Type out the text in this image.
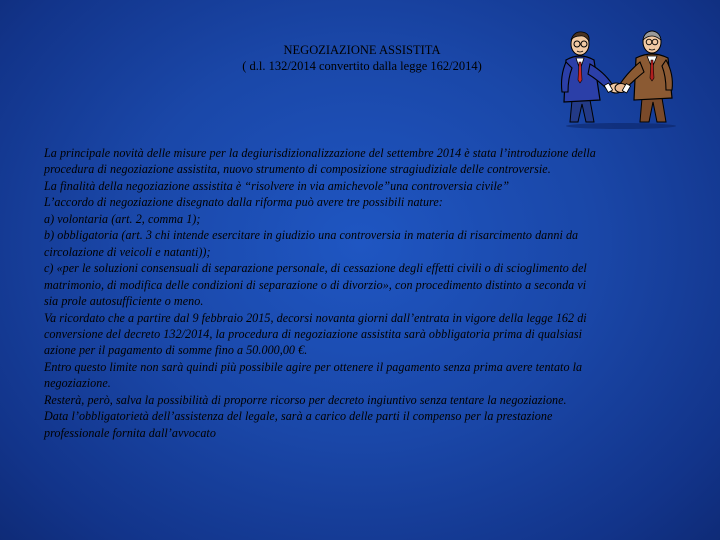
NEGOZIAZIONE ASSISTITA
( d.l. 132/2014 convertito dalla legge 162/2014)
La principale novità delle misure per la degiurisdizionalizzazione del settembre 2014 è stata l’introduzione della
procedura di negoziazione assistita, nuovo strumento di composizione stragiudiziale delle controversie.
La finalità della negoziazione assistita è “risolvere in via amichevole”una controversia civile”
L’accordo di negoziazione disegnato dalla riforma può avere tre possibili nature:
a) volontaria (art. 2, comma 1);
b) obbligatoria (art. 3 chi intende esercitare in giudizio una controversia in materia di risarcimento danni da
circolazione di veicoli e natanti));
c) «per le soluzioni consensuali di separazione personale, di cessazione degli effetti civili o di scioglimento del
matrimonio, di modifica delle condizioni di separazione o di divorzio», con procedimento distinto a seconda vi
sia prole autosufficiente o meno.
Va ricordato che a partire dal 9 febbraio 2015, decorsi novanta giorni dall’entrata in vigore della legge 162 di
conversione del decreto 132/2014, la procedura di negoziazione assistita sarà obbligatoria prima di qualsiasi
azione per il pagamento di somme fino a 50.000,00 €.
Entro questo limite non sarà quindi più possibile agire per ottenere il pagamento senza prima avere tentato la
negoziazione.
Resterà, però, salva la possibilità di proporre ricorso per decreto ingiuntivo senza tentare la negoziazione.
Data l’obbligatorietà dell’assistenza del legale, sarà a carico delle parti il compenso per la prestazione
professionale fornita dall’avvocato
